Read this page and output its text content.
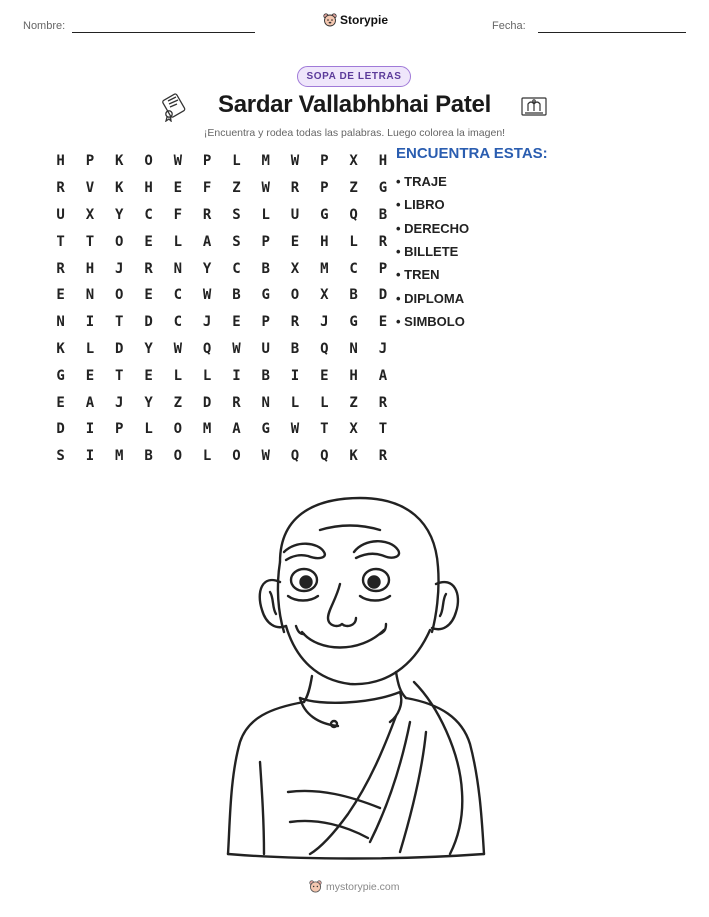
Nombre:	Storypie	Fecha:
SOPA DE LETRAS
Sardar Vallabhbhai Patel
¡Encuentra y rodea todas las palabras. Luego colorea la imagen!
H	P	K	O	W	P	L	M	W	P	X	H
R	V	K	H	E	F	Z	W	R	P	Z	G
U	X	Y	C	F	R	S	L	U	G	Q	B
T	T	O	E	L	A	S	P	E	H	L	R
R	H	J	R	N	Y	C	B	X	M	C	P
E	N	O	E	C	W	B	G	O	X	B	D
N	I	T	D	C	J	E	P	R	J	G	E
K	L	D	Y	W	Q	W	U	B	Q	N	J
G	E	T	E	L	L	I	B	I	E	H	A
E	A	J	Y	Z	D	R	N	L	L	Z	R
D	I	P	L	O	M	A	G	W	T	X	T
S	I	M	B	O	L	O	W	Q	Q	K	R
ENCUENTRA ESTAS:
• TRAJE
• LIBRO
• DERECHO
• BILLETE
• TREN
• DIPLOMA
• SIMBOLO
mystorypie.com
